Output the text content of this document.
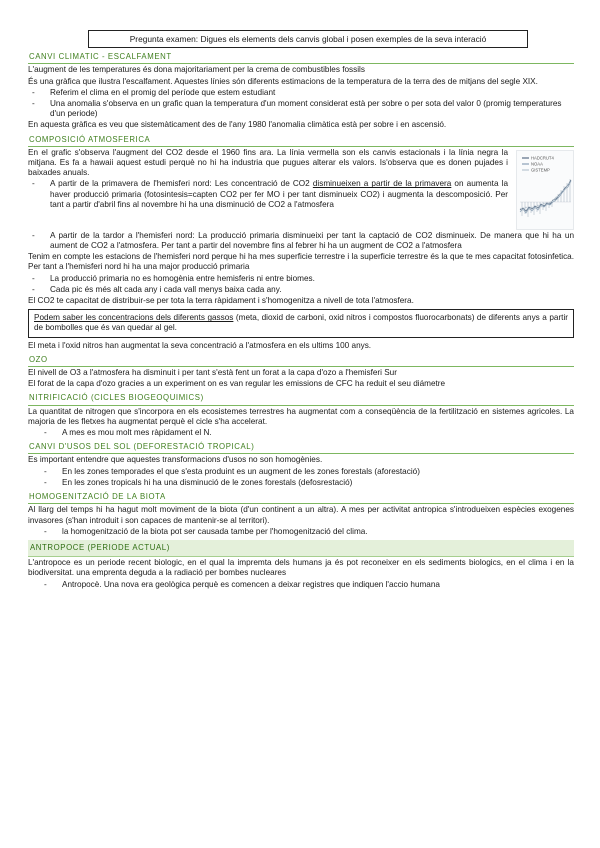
Pregunta examen: Digues els elements dels canvis global i posen exemples de la seva interació
CANVI CLIMATIC - ESCALFAMENT

L'augment de les temperatures és dona majoritariament per la crema de combustibles fossils

És una gràfica que ilustra l'escalfament. Aquestes línies són diferents estimacions de la temperatura de la terra des de mitjans del segle XIX.

- Referim el clima en el promig del període que estem estudiant
- Una anomalia s'observa en un grafic quan la temperatura d'un moment considerat està per sobre o per sota del valor 0 (promig temperatures d'un periode)

En aquesta gràfica es veu que sistemàticament des de l'any 1980 l'anomalia climàtica està per sobre i en ascensió.

COMPOSICIÓ ATMOSFERICA

En el grafic s'observa l'augment del CO2 desde el 1960 fins ara. La línia vermella son els canvis estacionals i la línia negra la mitjana. Es fa a hawaii aquest estudi perquè no hi ha industria que pugues alterar els valors. Is'observa que es donen pujades i baixades anuals.

- A partir de la primavera de l'hemisferi nord: Les concentració de CO2 disminueixen a partir de la primavera on aumenta la haver producció primaria (fotosintesis=capten CO2 per fer MO i per tant disminueix CO2) i augmenta la descomposició. Per tant a partir d'abril fins al novembre hi ha una disminució de CO2 a l'atmosfera
HADCRUT4
NOAA
GISTEMP
- A partir de la tardor a l'hemisferi nord: La producció primaria disminueixi per tant la captació de CO2 disminueix. De manera que hi ha un aument de CO2 a l'atmosfera. Per tant a partir del novembre fins al febrer hi ha un augment de CO2 a l'atmosfera

Tenim en compte les estacions de l'hemisferi nord perque hi ha mes superficie terrestre i la superficie terrestre és la que te mes capacitat fotosinfetica. Per tant a l'hemisferi nord hi ha una major producció primaria

- La producció primaria no es homogènia entre hemisferis ni entre biomes.
- Cada pic és més alt cada any i cada vall menys baixa cada any.

El CO2 te capacitat de distribuir-se per tota la terra ràpidament i s'homogenitza a nivell de tota l'atmosfera.

Podem saber les concentracions dels diferents gassos (meta, dioxid de carboni, oxid nitros i compostos fluorocarbonats) de diferents anys a partir de bombolles que és van quedar al gel.

El meta i l'oxid nitros han augmentat la seva concentració a l'atmosfera en els ultims 100 anys.

OZO

El nivell de O3 a l'atmosfera ha disminuit i per tant s'està fent un forat a la capa d'ozo a l'hemisferi Sur

El forat de la capa d'ozo gracies a un experiment on es van regular les emissions de CFC ha reduit el seu diámetre

NITRIFICACIÓ (CICLES BIOGEOQUIMICS)

La quantitat de nitrogen que s'incorpora en els ecosistemes terrestres ha augmentat com a conseqüència de la fertilització en sistemes agricoles. La majoria de les fletxes ha augmentat perquè el cicle s'ha accelerat.

- A mes es mou molt mes ràpidament el N.
CANVI D'USOS DEL SOL (DEFORESTACIÓ TROPICAL)

Es important entendre que aquestes transformacions d'usos no son homogènies.

- En les zones temporades el que s'esta produint es un augment de les zones forestals (aforestació)
- En les zones tropicals hi ha una disminució de le zones forestals (defosrestació)
HOMOGENITZACIÓ DE LA BIOTA

Al llarg del temps hi ha hagut molt moviment de la biota (d'un continent a un altra). A mes per activitat antropica s'introdueixen espècies exogenes invasores (s'han introduit i son capaces de mantenir-se al territori).

- la homogenització de la biota pot ser causada tambe per l'homogenització del clima.
ANTROPOCE (PERIODE ACTUAL)

L'antropoce es un periode recent biologic, en el qual la impremta dels humans ja és pot reconeixer en els sediments biologics, en el clima i en la biodiversitat. una emprenta deguda a la radiació per bombes nucleares

- Antropocè. Una nova era geològica perquè es comencen a deixar registres que indiquen l'accio humana
